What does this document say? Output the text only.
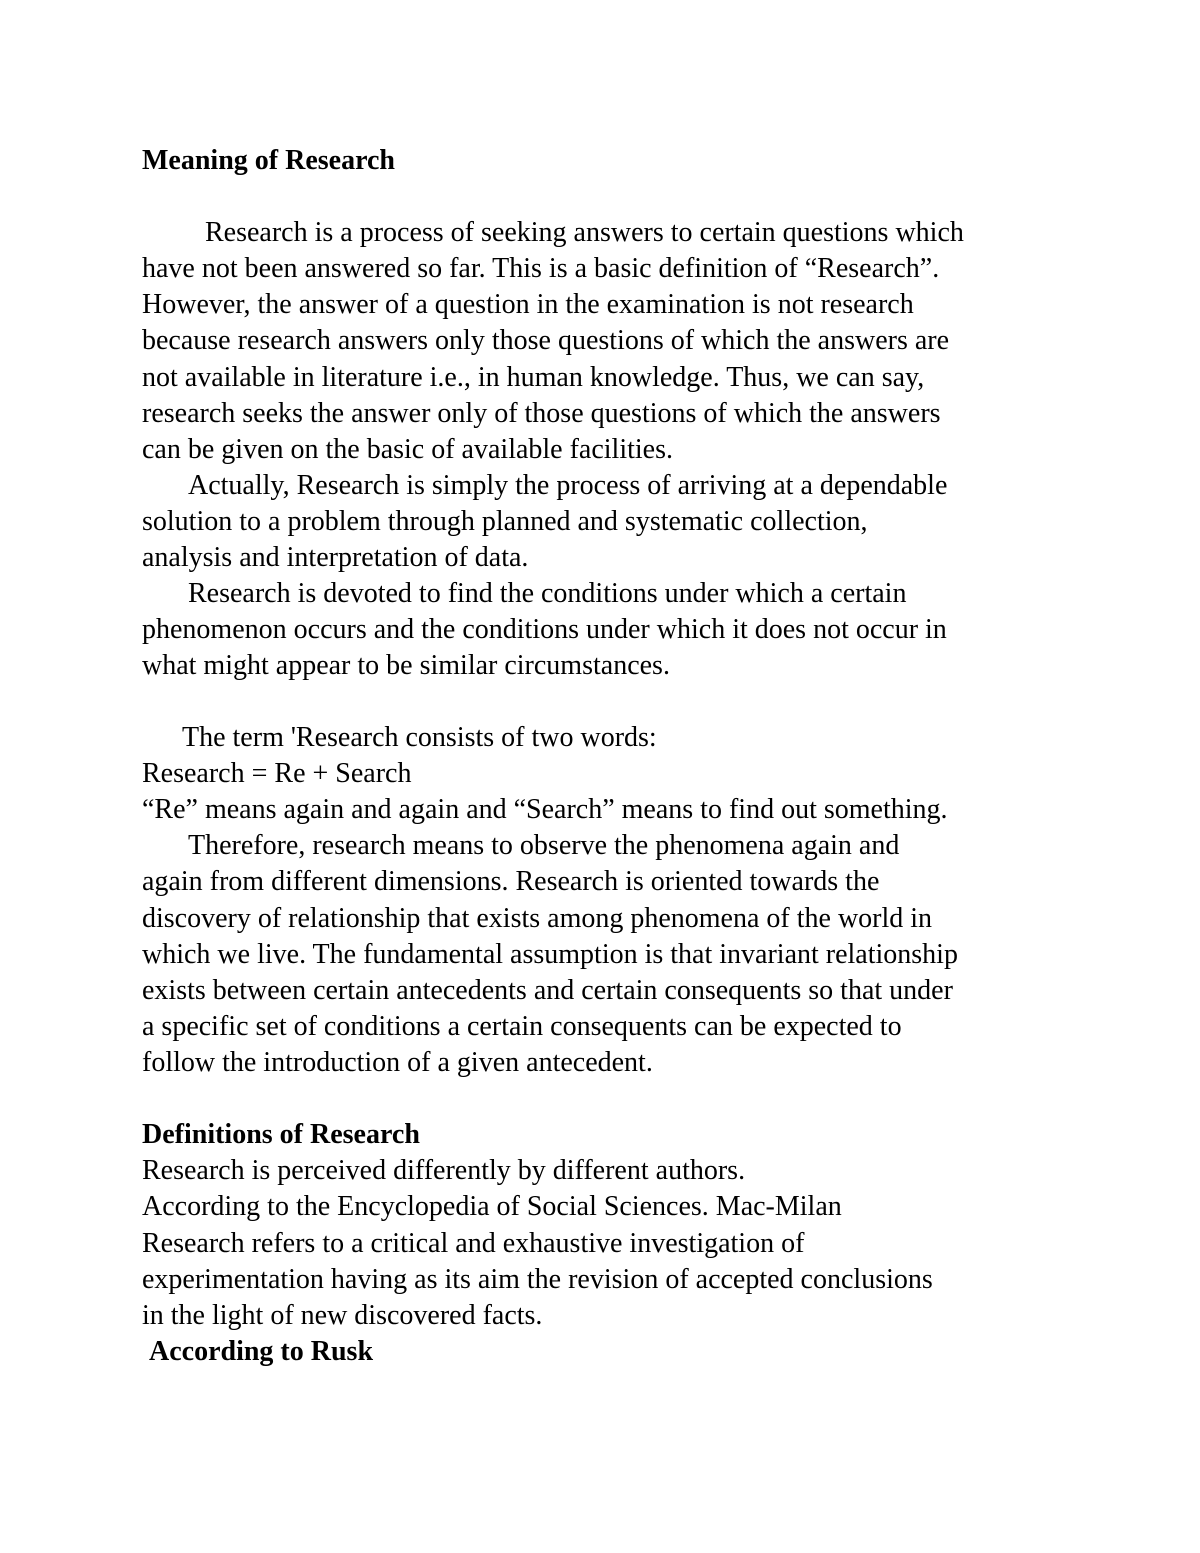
Meaning of Research
Research is a process of seeking answers to certain questions which
have not been answered so far. This is a basic definition of “Research”.
However, the answer of a question in the examination is not research
because research answers only those questions of which the answers are
not available in literature i.e., in human knowledge. Thus, we can say,
research seeks the answer only of those questions of which the answers
can be given on the basic of available facilities.
Actually, Research is simply the process of arriving at a dependable
solution to a problem through planned and systematic collection,
analysis and interpretation of data.
Research is devoted to find the conditions under which a certain
phenomenon occurs and the conditions under which it does not occur in
what might appear to be similar circumstances.
The term 'Research consists of two words:
Research = Re + Search
“Re” means again and again and “Search” means to find out something.
Therefore, research means to observe the phenomena again and
again from different dimensions. Research is oriented towards the
discovery of relationship that exists among phenomena of the world in
which we live. The fundamental assumption is that invariant relationship
exists between certain antecedents and certain consequents so that under
a specific set of conditions a certain consequents can be expected to
follow the introduction of a given antecedent.
Definitions of Research
Research is perceived differently by different authors.
According to the Encyclopedia of Social Sciences. Mac-Milan
Research refers to a critical and exhaustive investigation of
experimentation having as its aim the revision of accepted conclusions
in the light of new discovered facts.
According to Rusk
